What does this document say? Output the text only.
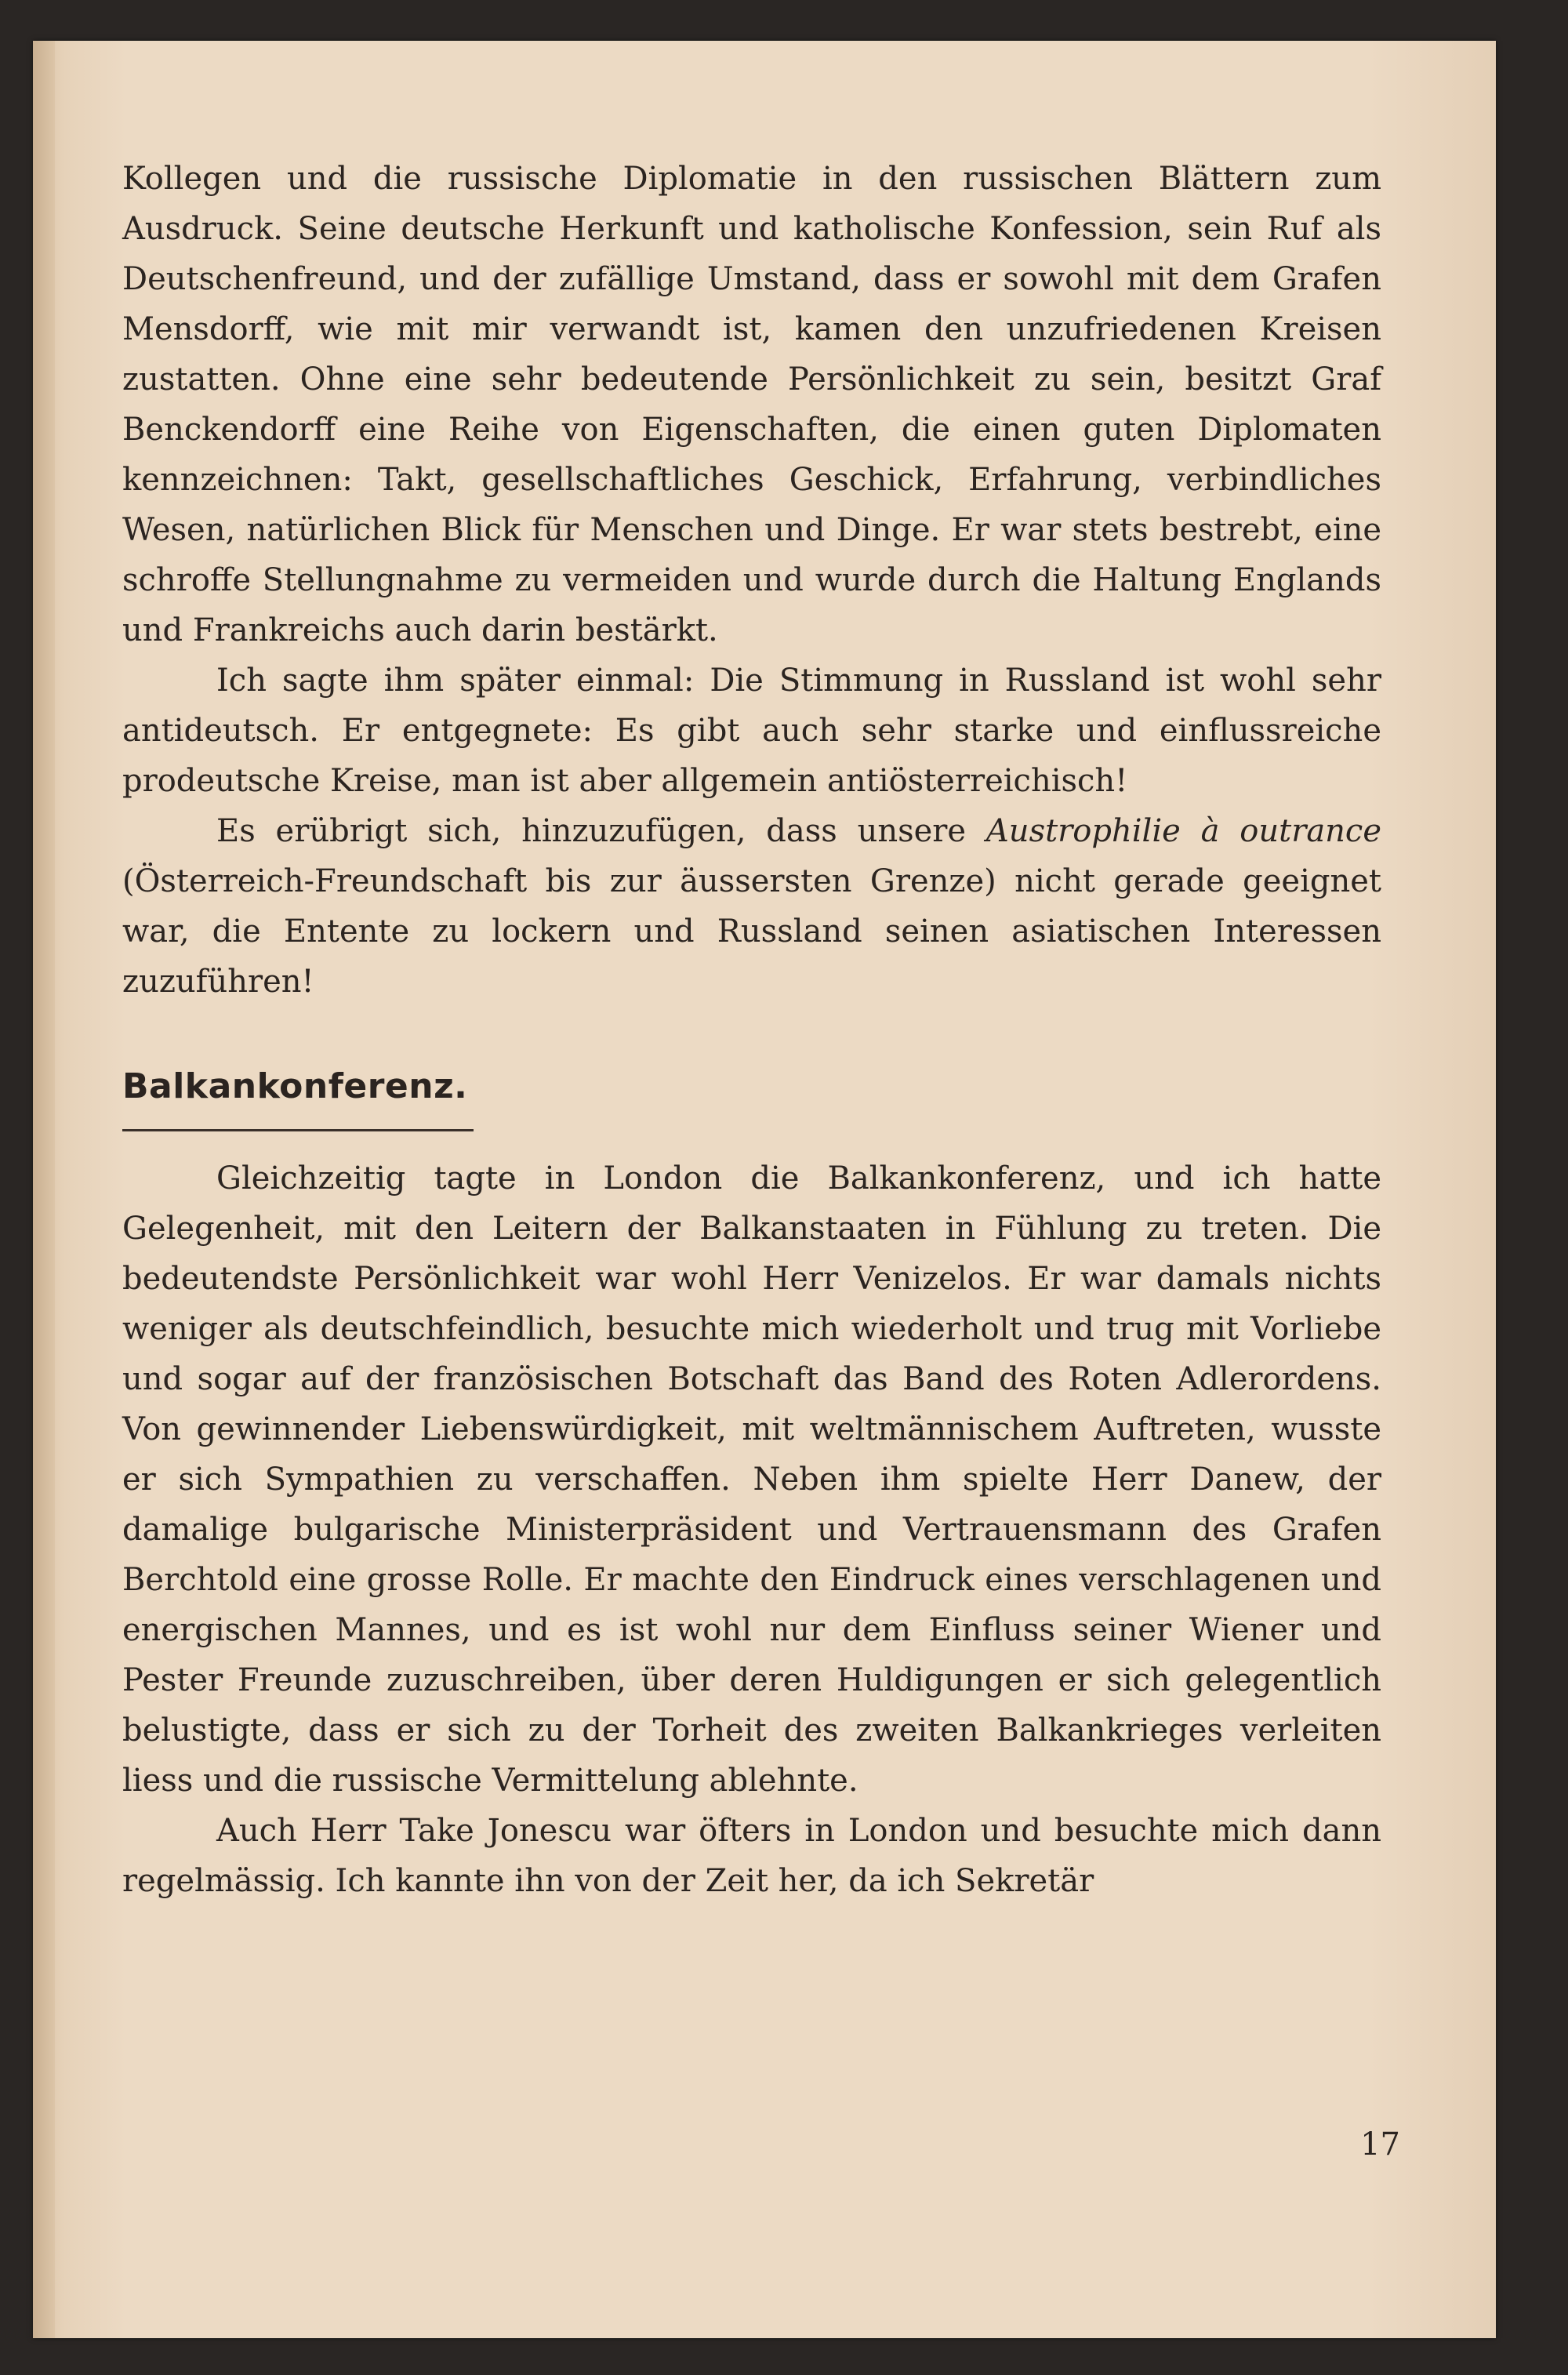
Kollegen und die russische Diplomatie in den russischen Blättern zum Ausdruck. Seine deutsche Herkunft und katholische Konfession, sein Ruf als Deutschenfreund, und der zufällige Umstand, dass er sowohl mit dem Grafen Mensdorff, wie mit mir verwandt ist, kamen den unzufriedenen Kreisen zustatten. Ohne eine sehr bedeutende Persönlichkeit zu sein, besitzt Graf Benckendorff eine Reihe von Eigenschaften, die einen guten Diplomaten kennzeichnen: Takt, gesellschaftliches Geschick, Erfahrung, verbindliches Wesen, natürlichen Blick für Menschen und Dinge. Er war stets bestrebt, eine schroffe Stellungnahme zu vermeiden und wurde durch die Haltung Englands und Frankreichs auch darin bestärkt.

Ich sagte ihm später einmal: Die Stimmung in Russland ist wohl sehr antideutsch. Er entgegnete: Es gibt auch sehr starke und einflussreiche prodeutsche Kreise, man ist aber allgemein antiösterreichisch!

Es erübrigt sich, hinzuzufügen, dass unsere Austrophilie à outrance (Österreich-Freundschaft bis zur äussersten Grenze) nicht gerade geeignet war, die Entente zu lockern und Russland seinen asiatischen Interessen zuzuführen!

Balkankonferenz.

Gleichzeitig tagte in London die Balkankonferenz, und ich hatte Gelegenheit, mit den Leitern der Balkanstaaten in Fühlung zu treten. Die bedeutendste Persönlichkeit war wohl Herr Venizelos. Er war damals nichts weniger als deutschfeindlich, besuchte mich wiederholt und trug mit Vorliebe und sogar auf der französischen Botschaft das Band des Roten Adlerordens. Von gewinnender Liebenswürdigkeit, mit weltmännischem Auftreten, wusste er sich Sympathien zu verschaffen. Neben ihm spielte Herr Danew, der damalige bulgarische Ministerpräsident und Vertrauensmann des Grafen Berchtold eine grosse Rolle. Er machte den Eindruck eines verschlagenen und energischen Mannes, und es ist wohl nur dem Einfluss seiner Wiener und Pester Freunde zuzuschreiben, über deren Huldigungen er sich gelegentlich belustigte, dass er sich zu der Torheit des zweiten Balkankrieges verleiten liess und die russische Vermittelung ablehnte.

Auch Herr Take Jonescu war öfters in London und besuchte mich dann regelmässig. Ich kannte ihn von der Zeit her, da ich Sekretär

17
